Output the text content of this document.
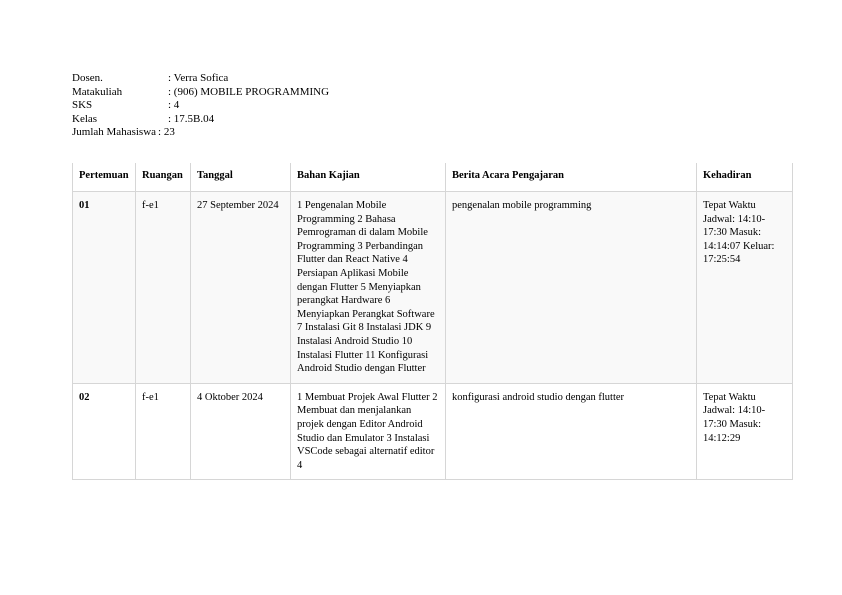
Dosen.	: Verra Sofica
Matakuliah	: (906) MOBILE PROGRAMMING
SKS	: 4
Kelas	: 17.5B.04
Jumlah Mahasiswa : 23
Pertemuan	Ruangan	Tanggal	Bahan Kajian	Berita Acara Pengajaran	Kehadiran
01	f-e1	27 September 2024	1 Pengenalan Mobile Programming 2 Bahasa Pemrograman di dalam Mobile Programming 3 Perbandingan Flutter dan React Native 4 Persiapan Aplikasi Mobile dengan Flutter 5 Menyiapkan perangkat Hardware 6 Menyiapkan Perangkat Software 7 Instalasi Git 8 Instalasi JDK 9 Instalasi Android Studio 10 Instalasi Flutter 11 Konfigurasi Android Studio dengan Flutter	pengenalan mobile programming	Tepat Waktu Jadwal: 14:10-17:30 Masuk: 14:14:07 Keluar: 17:25:54
02	f-e1	4 Oktober 2024	1 Membuat Projek Awal Flutter 2 Membuat dan menjalankan projek dengan Editor Android Studio dan Emulator 3 Instalasi VSCode sebagai alternatif editor 4	konfigurasi android studio dengan flutter	Tepat Waktu Jadwal: 14:10-17:30 Masuk: 14:12:29
